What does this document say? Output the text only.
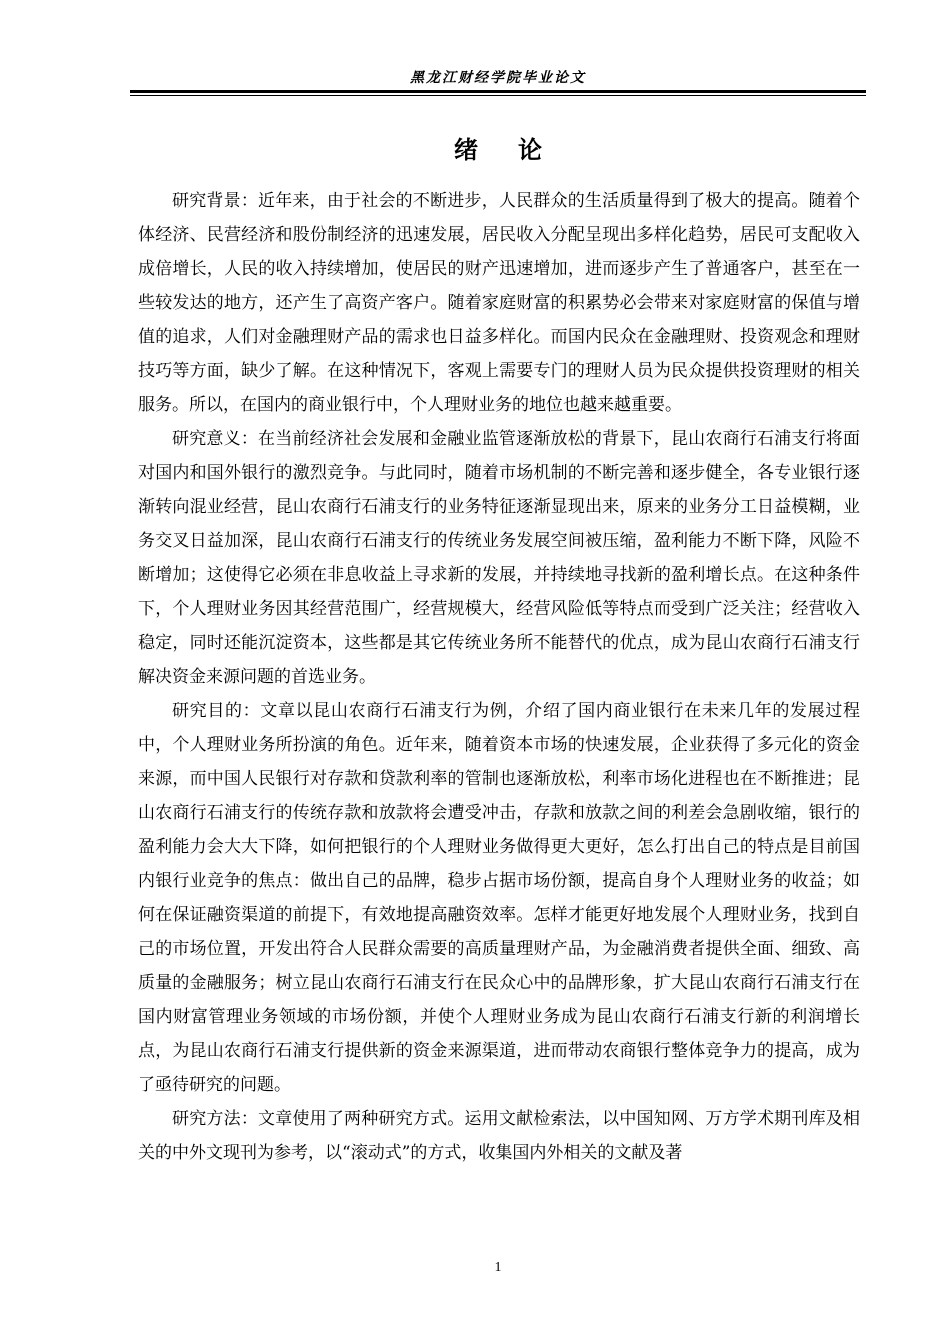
黑龙江财经学院毕业论文
绪论

研究背景：近年来，由于社会的不断进步，人民群众的生活质量得到了极大的提高。随着个体经济、民营经济和股份制经济的迅速发展，居民收入分配呈现出多样化趋势，居民可支配收入成倍增长，人民的收入持续增加，使居民的财产迅速增加，进而逐步产生了普通客户，甚至在一些较发达的地方，还产生了高资产客户。随着家庭财富的积累势必会带来对家庭财富的保值与增值的追求，人们对金融理财产品的需求也日益多样化。而国内民众在金融理财、投资观念和理财技巧等方面，缺少了解。在这种情况下，客观上需要专门的理财人员为民众提供投资理财的相关服务。所以，在国内的商业银行中，个人理财业务的地位也越来越重要。

研究意义：在当前经济社会发展和金融业监管逐渐放松的背景下，昆山农商行石浦支行将面对国内和国外银行的激烈竞争。与此同时，随着市场机制的不断完善和逐步健全，各专业银行逐渐转向混业经营，昆山农商行石浦支行的业务特征逐渐显现出来，原来的业务分工日益模糊，业务交叉日益加深，昆山农商行石浦支行的传统业务发展空间被压缩，盈利能力不断下降，风险不断增加；这使得它必须在非息收益上寻求新的发展，并持续地寻找新的盈利增长点。在这种条件下，个人理财业务因其经营范围广，经营规模大，经营风险低等特点而受到广泛关注；经营收入稳定，同时还能沉淀资本，这些都是其它传统业务所不能替代的优点，成为昆山农商行石浦支行解决资金来源问题的首选业务。

研究目的：文章以昆山农商行石浦支行为例，介绍了国内商业银行在未来几年的发展过程中，个人理财业务所扮演的角色。近年来，随着资本市场的快速发展，企业获得了多元化的资金来源，而中国人民银行对存款和贷款利率的管制也逐渐放松，利率市场化进程也在不断推进；昆山农商行石浦支行的传统存款和放款将会遭受冲击，存款和放款之间的利差会急剧收缩，银行的盈利能力会大大下降，如何把银行的个人理财业务做得更大更好，怎么打出自己的特点是目前国内银行业竞争的焦点：做出自己的品牌，稳步占据市场份额，提高自身个人理财业务的收益；如何在保证融资渠道的前提下，有效地提高融资效率。怎样才能更好地发展个人理财业务，找到自己的市场位置，开发出符合人民群众需要的高质量理财产品，为金融消费者提供全面、细致、高质量的金融服务；树立昆山农商行石浦支行在民众心中的品牌形象，扩大昆山农商行石浦支行在国内财富管理业务领域的市场份额，并使个人理财业务成为昆山农商行石浦支行新的利润增长点，为昆山农商行石浦支行提供新的资金来源渠道，进而带动农商银行整体竞争力的提高，成为了亟待研究的问题。

研究方法：文章使用了两种研究方式。运用文献检索法，以中国知网、万方学术期刊库及相关的中外文现刊为参考，以“滚动式”的方式，收集国内外相关的文献及著

1
